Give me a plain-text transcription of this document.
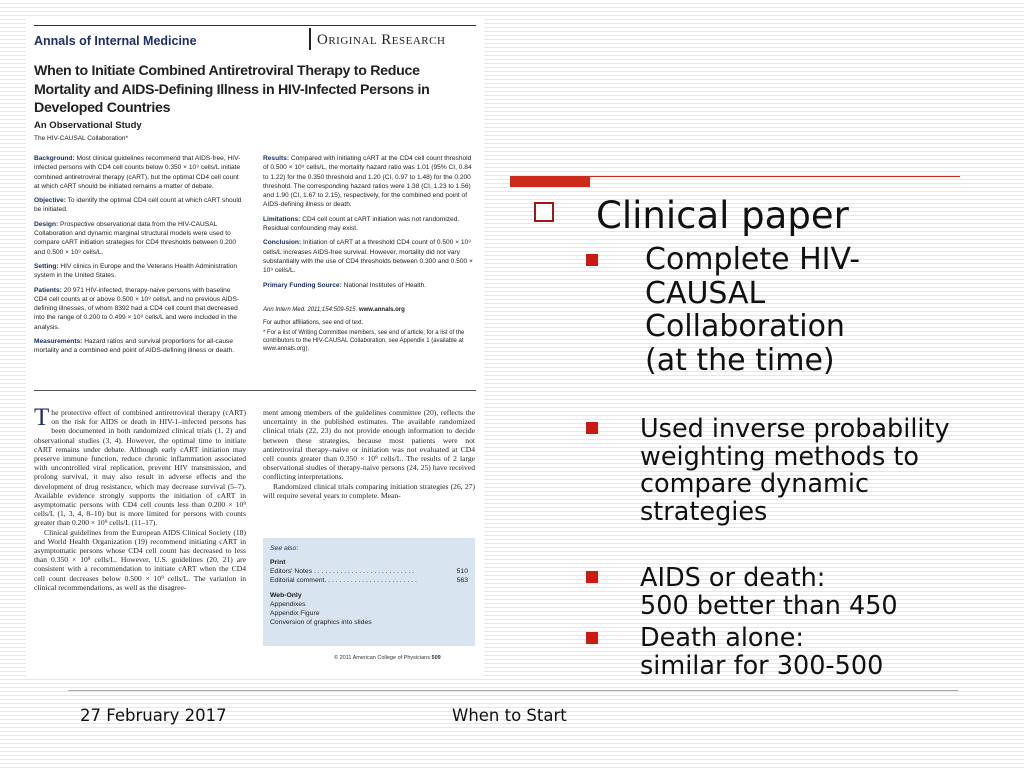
Annals of Internal Medicine	Original Research
When to Initiate Combined Antiretroviral Therapy to Reduce Mortality and AIDS-Defining Illness in HIV-Infected Persons in Developed Countries
An Observational Study
The HIV-CAUSAL Collaboration*

Background: Most clinical guidelines recommend that AIDS-free, HIV-infected persons with CD4 cell counts below 0.350 × 10⁹ cells/L initiate combined antiretroviral therapy (cART), but the optimal CD4 cell count at which cART should be initiated remains a matter of debate.

Objective: To identify the optimal CD4 cell count at which cART should be initiated.

Design: Prospective observational data from the HIV-CAUSAL Collaboration and dynamic marginal structural models were used to compare cART initiation strategies for CD4 thresholds between 0.200 and 0.500 × 10⁹ cells/L.

Setting: HIV clinics in Europe and the Veterans Health Administration system in the United States.

Patients: 20 971 HIV-infected, therapy-naive persons with baseline CD4 cell counts at or above 0.500 × 10⁹ cells/L and no previous AIDS-defining illnesses, of whom 8392 had a CD4 cell count that decreased into the range of 0.200 to 0.499 × 10⁹ cells/L and were included in the analysis.

Measurements: Hazard ratios and survival proportions for all-cause mortality and a combined end point of AIDS-defining illness or death.

Results: Compared with initiating cART at the CD4 cell count threshold of 0.500 × 10⁹ cells/L, the mortality hazard ratio was 1.01 (95% CI, 0.84 to 1.22) for the 0.350 threshold and 1.20 (CI, 0.97 to 1.48) for the 0.200 threshold. The corresponding hazard ratios were 1.38 (CI, 1.23 to 1.56) and 1.90 (CI, 1.67 to 2.15), respectively, for the combined end point of AIDS-defining illness or death.

Limitations: CD4 cell count at cART initiation was not randomized. Residual confounding may exist.

Conclusion: Initiation of cART at a threshold CD4 count of 0.500 × 10⁹ cells/L increases AIDS-free survival. However, mortality did not vary substantially with the use of CD4 thresholds between 0.300 and 0.500 × 10⁹ cells/L.

Primary Funding Source: National Institutes of Health.

Ann Intern Med. 2011;154:509-515. www.annals.org

For author affiliations, see end of text.

* For a list of Writing Committee members, see end of article; for a list of the contributors to the HIV-CAUSAL Collaboration, see Appendix 1 (available at www.annals.org).

The protective effect of combined antiretroviral therapy (cART) on the risk for AIDS or death in HIV-1–infected persons has been documented in both randomized clinical trials (1, 2) and observational studies (3, 4). However, the optimal time to initiate cART remains under debate. Although early cART initiation may preserve immune function, reduce chronic inflammation associated with uncontrolled viral replication, prevent HIV transmission, and prolong survival, it may also result in adverse effects and the development of drug resistance, which may decrease survival (5–7). Available evidence strongly supports the initiation of cART in asymptomatic persons with CD4 cell counts less than 0.200 × 10⁹ cells/L (1, 3, 4, 8–10) but is more limited for persons with counts greater than 0.200 × 10⁹ cells/L (11–17).
Clinical guidelines from the European AIDS Clinical Society (18) and World Health Organization (19) recommend initiating cART in asymptomatic persons whose CD4 cell count has decreased to less than 0.350 × 10⁹ cells/L. However, U.S. guidelines (20, 21) are consistent with a recommendation to initiate cART when the CD4 cell count decreases below 0.500 × 10⁹ cells/L. The variation in clinical recommendations, as well as the disagree-
ment among members of the guidelines committee (20), reflects the uncertainty in the published estimates. The available randomized clinical trials (22, 23) do not provide enough information to decide between these strategies, because most patients were not antiretroviral therapy–naive or initiation was not evaluated at CD4 cell counts greater than 0.350 × 10⁹ cells/L. The results of 2 large observational studies of therapy-naive persons (24, 25) have received conflicting interpretations.
Randomized clinical trials comparing initiation strategies (26, 27) will require several years to complete. Mean-
See also:
Print
Editors' Notes . . . . . . . . . . . . . . . . . . . . . . . . . . .	510
Editorial comment. . . . . . . . . . . . . . . . . . . . . . . . .	563
Web-Only
Appendixes
Appendix Figure
Conversion of graphics into slides
© 2011 American College of Physicians 509
Clinical paper
Complete HIV-
CAUSAL
Collaboration
(at the time)
Used inverse probability
weighting methods to
compare dynamic
strategies
AIDS or death:
500 better than 450
Death alone:
similar for 300-500
27 February 2017	When to Start
